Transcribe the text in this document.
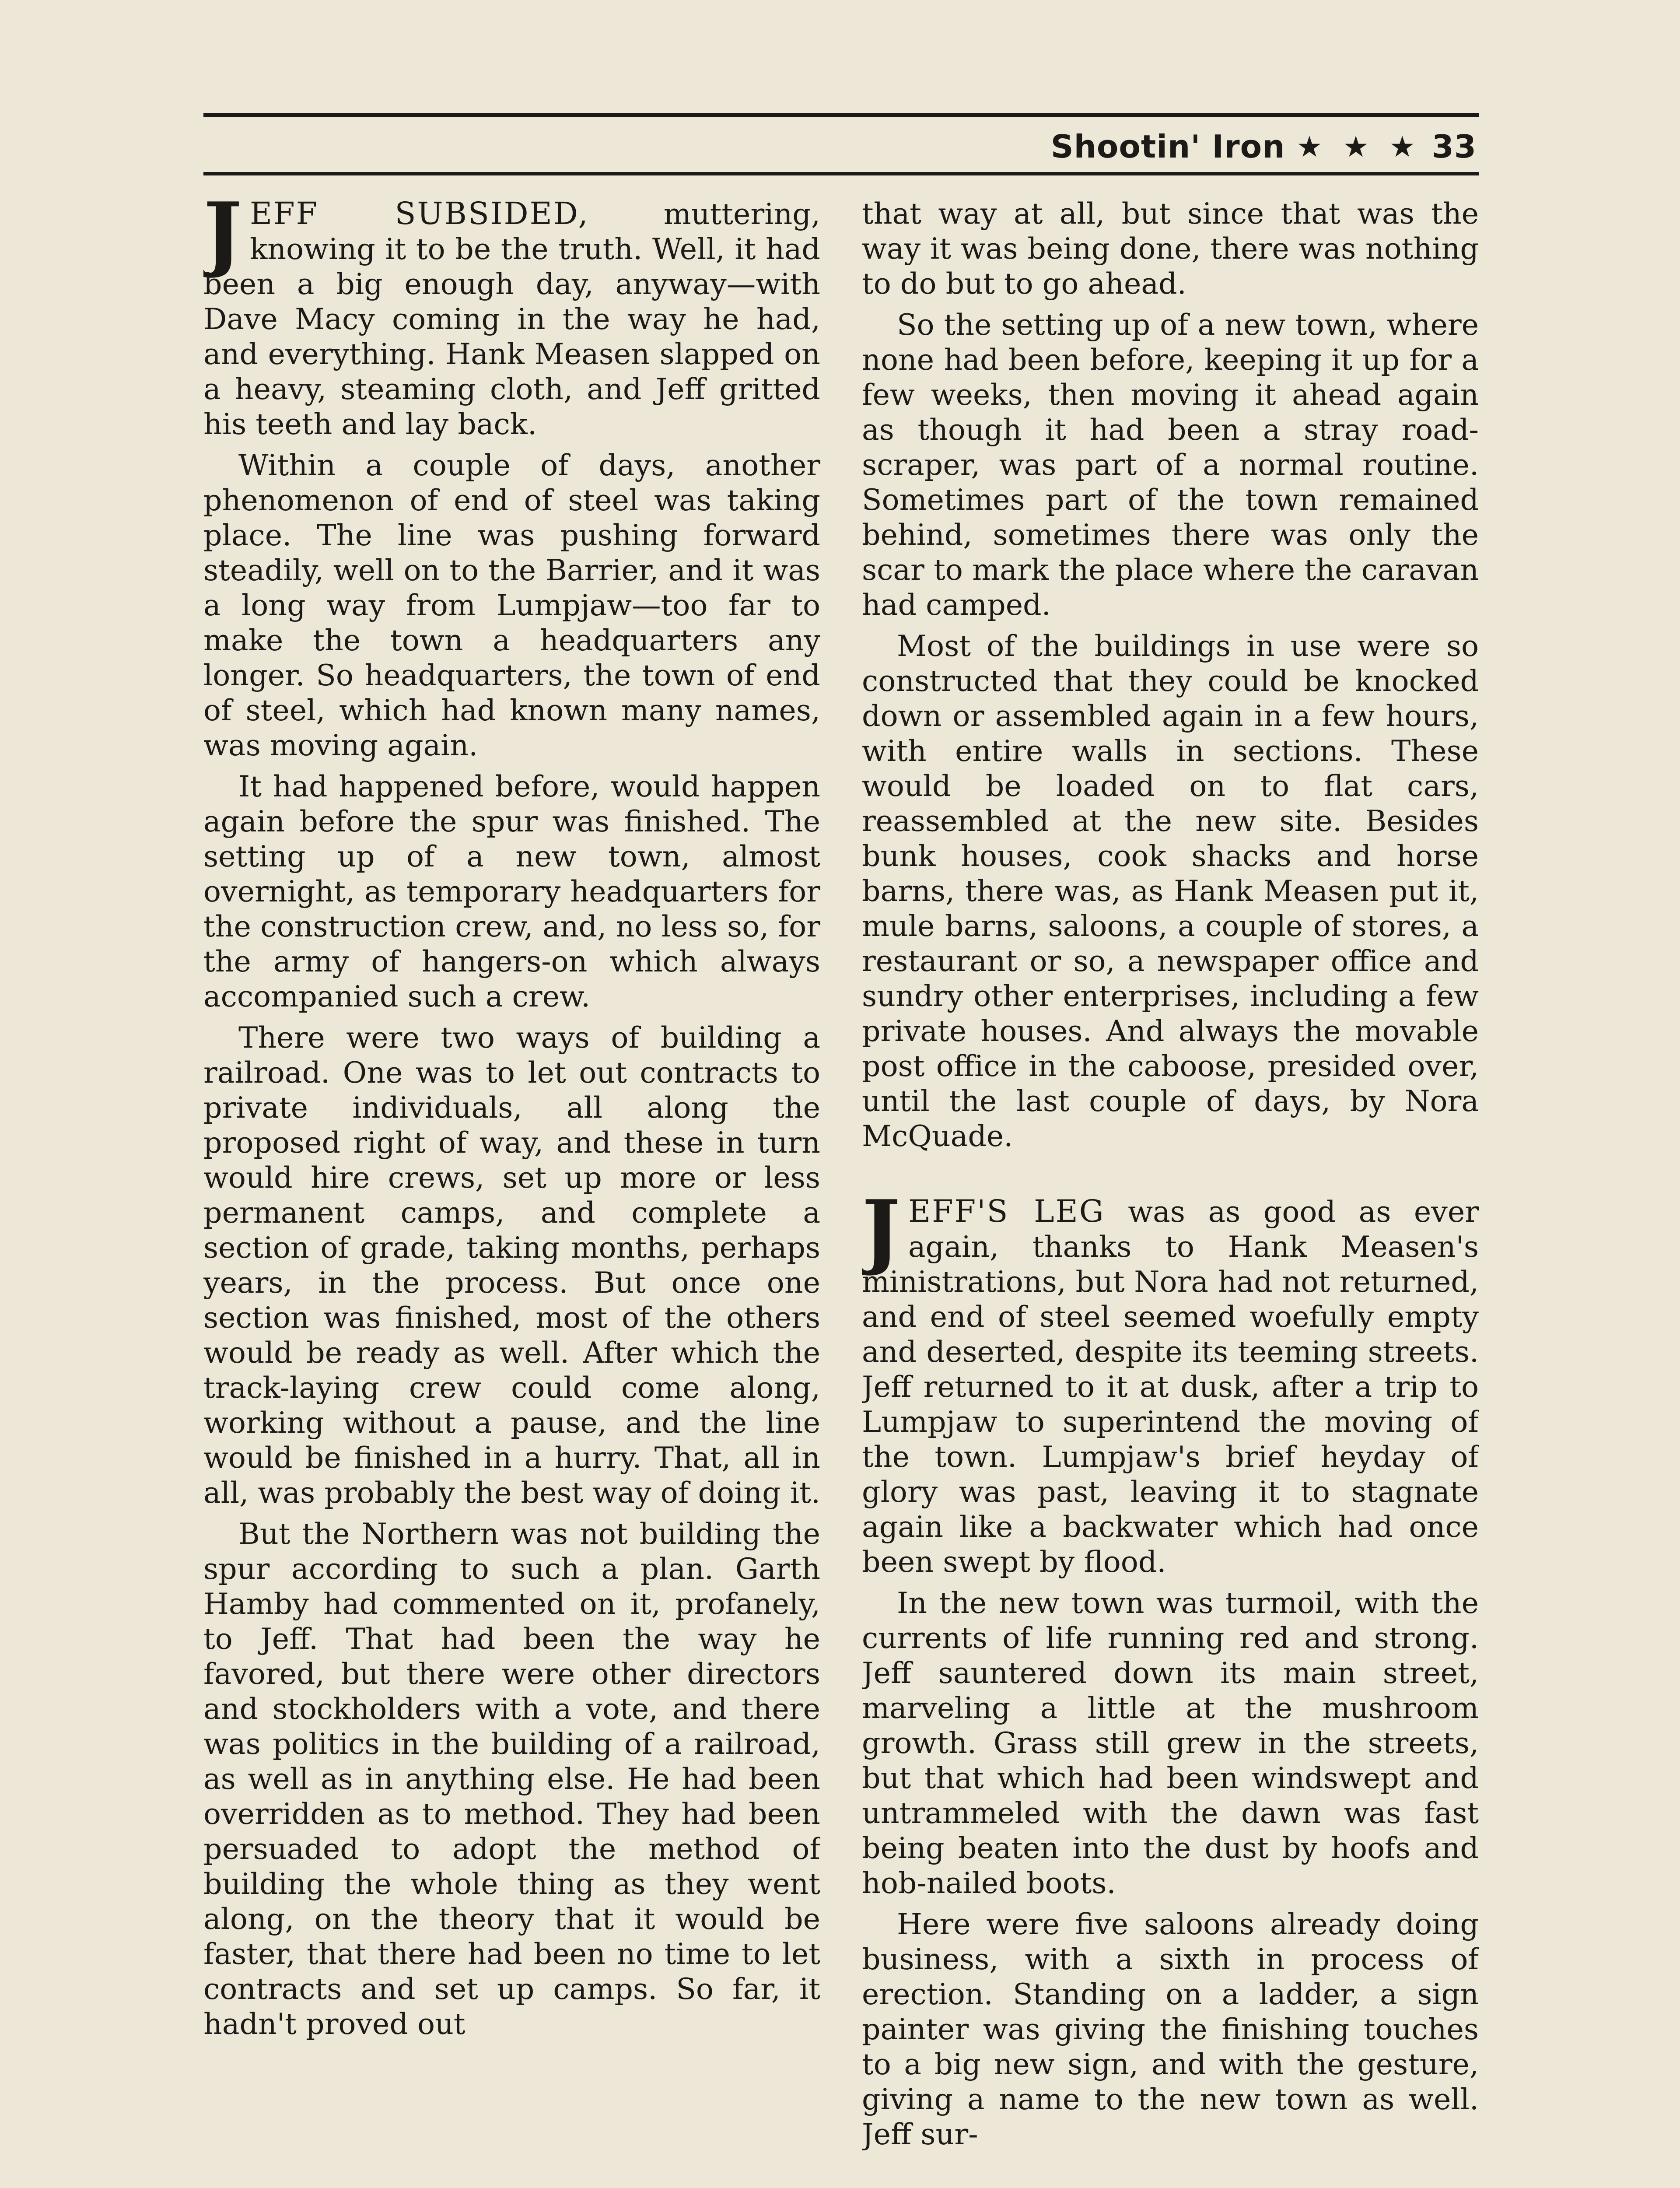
Shootin' Iron ★ ★ ★ 33

JEFF SUBSIDED, muttering, knowing it to be the truth. Well, it had been a big enough day, anyway—with Dave Macy coming in the way he had, and everything. Hank Measen slapped on a heavy, steaming cloth, and Jeff gritted his teeth and lay back.

Within a couple of days, another phenomenon of end of steel was taking place. The line was pushing forward steadily, well on to the Barrier, and it was a long way from Lumpjaw—too far to make the town a headquarters any longer. So headquarters, the town of end of steel, which had known many names, was moving again.

It had happened before, would happen again before the spur was finished. The setting up of a new town, almost overnight, as temporary headquarters for the construction crew, and, no less so, for the army of hangers-on which always accompanied such a crew.

There were two ways of building a railroad. One was to let out contracts to private individuals, all along the proposed right of way, and these in turn would hire crews, set up more or less permanent camps, and complete a section of grade, taking months, perhaps years, in the process. But once one section was finished, most of the others would be ready as well. After which the track-laying crew could come along, working without a pause, and the line would be finished in a hurry. That, all in all, was probably the best way of doing it.

But the Northern was not building the spur according to such a plan. Garth Hamby had commented on it, profanely, to Jeff. That had been the way he favored, but there were other directors and stockholders with a vote, and there was politics in the building of a railroad, as well as in anything else. He had been overridden as to method. They had been persuaded to adopt the method of building the whole thing as they went along, on the theory that it would be faster, that there had been no time to let contracts and set up camps. So far, it hadn't proved out

that way at all, but since that was the way it was being done, there was nothing to do but to go ahead.

So the setting up of a new town, where none had been before, keeping it up for a few weeks, then moving it ahead again as though it had been a stray road-scraper, was part of a normal routine. Sometimes part of the town remained behind, sometimes there was only the scar to mark the place where the caravan had camped.

Most of the buildings in use were so constructed that they could be knocked down or assembled again in a few hours, with entire walls in sections. These would be loaded on to flat cars, reassembled at the new site. Besides bunk houses, cook shacks and horse barns, there was, as Hank Measen put it, mule barns, saloons, a couple of stores, a restaurant or so, a newspaper office and sundry other enterprises, including a few private houses. And always the movable post office in the caboose, presided over, until the last couple of days, by Nora McQuade.

JEFF'S LEG was as good as ever again, thanks to Hank Measen's ministrations, but Nora had not returned, and end of steel seemed woefully empty and deserted, despite its teeming streets. Jeff returned to it at dusk, after a trip to Lumpjaw to superintend the moving of the town. Lumpjaw's brief heyday of glory was past, leaving it to stagnate again like a backwater which had once been swept by flood.

In the new town was turmoil, with the currents of life running red and strong. Jeff sauntered down its main street, marveling a little at the mushroom growth. Grass still grew in the streets, but that which had been windswept and untrammeled with the dawn was fast being beaten into the dust by hoofs and hob-nailed boots.

Here were five saloons already doing business, with a sixth in process of erection. Standing on a ladder, a sign painter was giving the finishing touches to a big new sign, and with the gesture, giving a name to the new town as well. Jeff sur-
